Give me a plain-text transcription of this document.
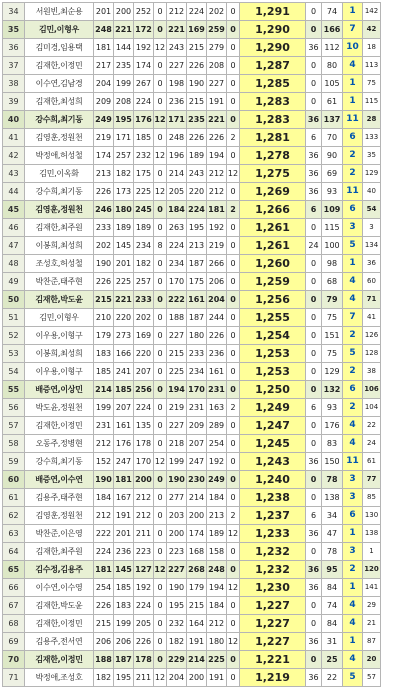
34	서원빈,최순용	201	200	252	0	212	224	202	0	1,291	0	74	1	142
35	김민,이형우	248	221	172	0	221	169	259	0	1,290	0	166	7	42
36	김미경,임용택	181	144	192	12	243	215	279	0	1,290	36	112	10	18
37	김재한,이정민	217	235	174	0	227	226	208	0	1,287	0	80	4	113
38	이수연,김남경	204	199	267	0	198	190	227	0	1,285	0	105	1	75
39	김재한,최성희	209	208	224	0	236	215	191	0	1,283	0	61	1	115
40	강수희,최기동	249	195	176	12	171	235	221	0	1,283	36	137	11	28
41	김영훈,정원천	219	171	185	0	248	226	226	2	1,281	6	70	6	133
42	박정애,허성철	174	257	232	12	196	189	194	0	1,278	36	90	2	35
43	김민,이옥화	213	182	175	0	214	243	212	12	1,275	36	69	2	129
44	강수희,최기동	226	173	225	12	205	220	212	0	1,269	36	93	11	40
45	김영훈,정원천	246	180	245	0	184	224	181	2	1,266	6	109	6	54
46	김재한,최주원	233	189	189	0	263	195	192	0	1,261	0	115	3	3
47	이봉희,최성희	202	145	234	8	224	213	219	0	1,261	24	100	5	134
48	조성호,허성철	190	201	182	0	234	187	266	0	1,260	0	98	1	36
49	박찬준,태주현	226	225	257	0	170	175	206	0	1,259	0	68	4	60
50	김재한,박도윤	215	221	233	0	222	161	204	0	1,256	0	79	4	71
51	김민,이형우	210	220	202	0	188	187	244	0	1,255	0	75	7	41
52	이우용,이형구	179	273	169	0	227	180	226	0	1,254	0	151	2	126
53	이봉희,최성희	183	166	220	0	215	233	236	0	1,253	0	75	5	128
54	이우용,이형구	185	241	207	0	225	234	161	0	1,253	0	129	2	38
55	배증연,이상민	214	185	256	0	194	170	231	0	1,250	0	132	6	106
56	박도윤,정원천	199	207	224	0	219	231	163	2	1,249	6	93	2	104
57	김재한,이정민	231	161	135	0	227	209	289	0	1,247	0	176	4	22
58	오동주,정병현	212	176	178	0	218	207	254	0	1,245	0	83	4	24
59	강수희,최기동	152	247	170	12	199	247	192	0	1,243	36	150	11	61
60	배증연,이수연	190	181	200	0	190	230	249	0	1,240	0	78	3	77
61	김용주,태주현	184	167	212	0	277	214	184	0	1,238	0	138	3	85
62	김영훈,정원천	212	191	212	0	203	200	213	2	1,237	6	34	6	130
63	박찬준,이은영	222	201	211	0	200	174	189	12	1,233	36	47	1	138
64	김재한,최주원	224	236	223	0	223	168	158	0	1,232	0	78	3	1
65	김수정,김용주	181	145	127	12	227	268	248	0	1,232	36	95	2	120
66	이수연,이수영	254	185	192	0	190	179	194	12	1,230	36	84	1	141
67	김재한,박도윤	226	183	224	0	195	215	184	0	1,227	0	74	4	29
68	김재한,이정민	215	199	205	0	232	164	212	0	1,227	0	84	4	21
69	김용주,전서연	206	206	226	0	182	191	180	12	1,227	36	31	1	87
70	김재한,이정민	188	187	178	0	229	214	225	0	1,221	0	25	4	20
71	박정애,조성호	182	195	211	12	204	200	191	0	1,219	36	22	5	57
